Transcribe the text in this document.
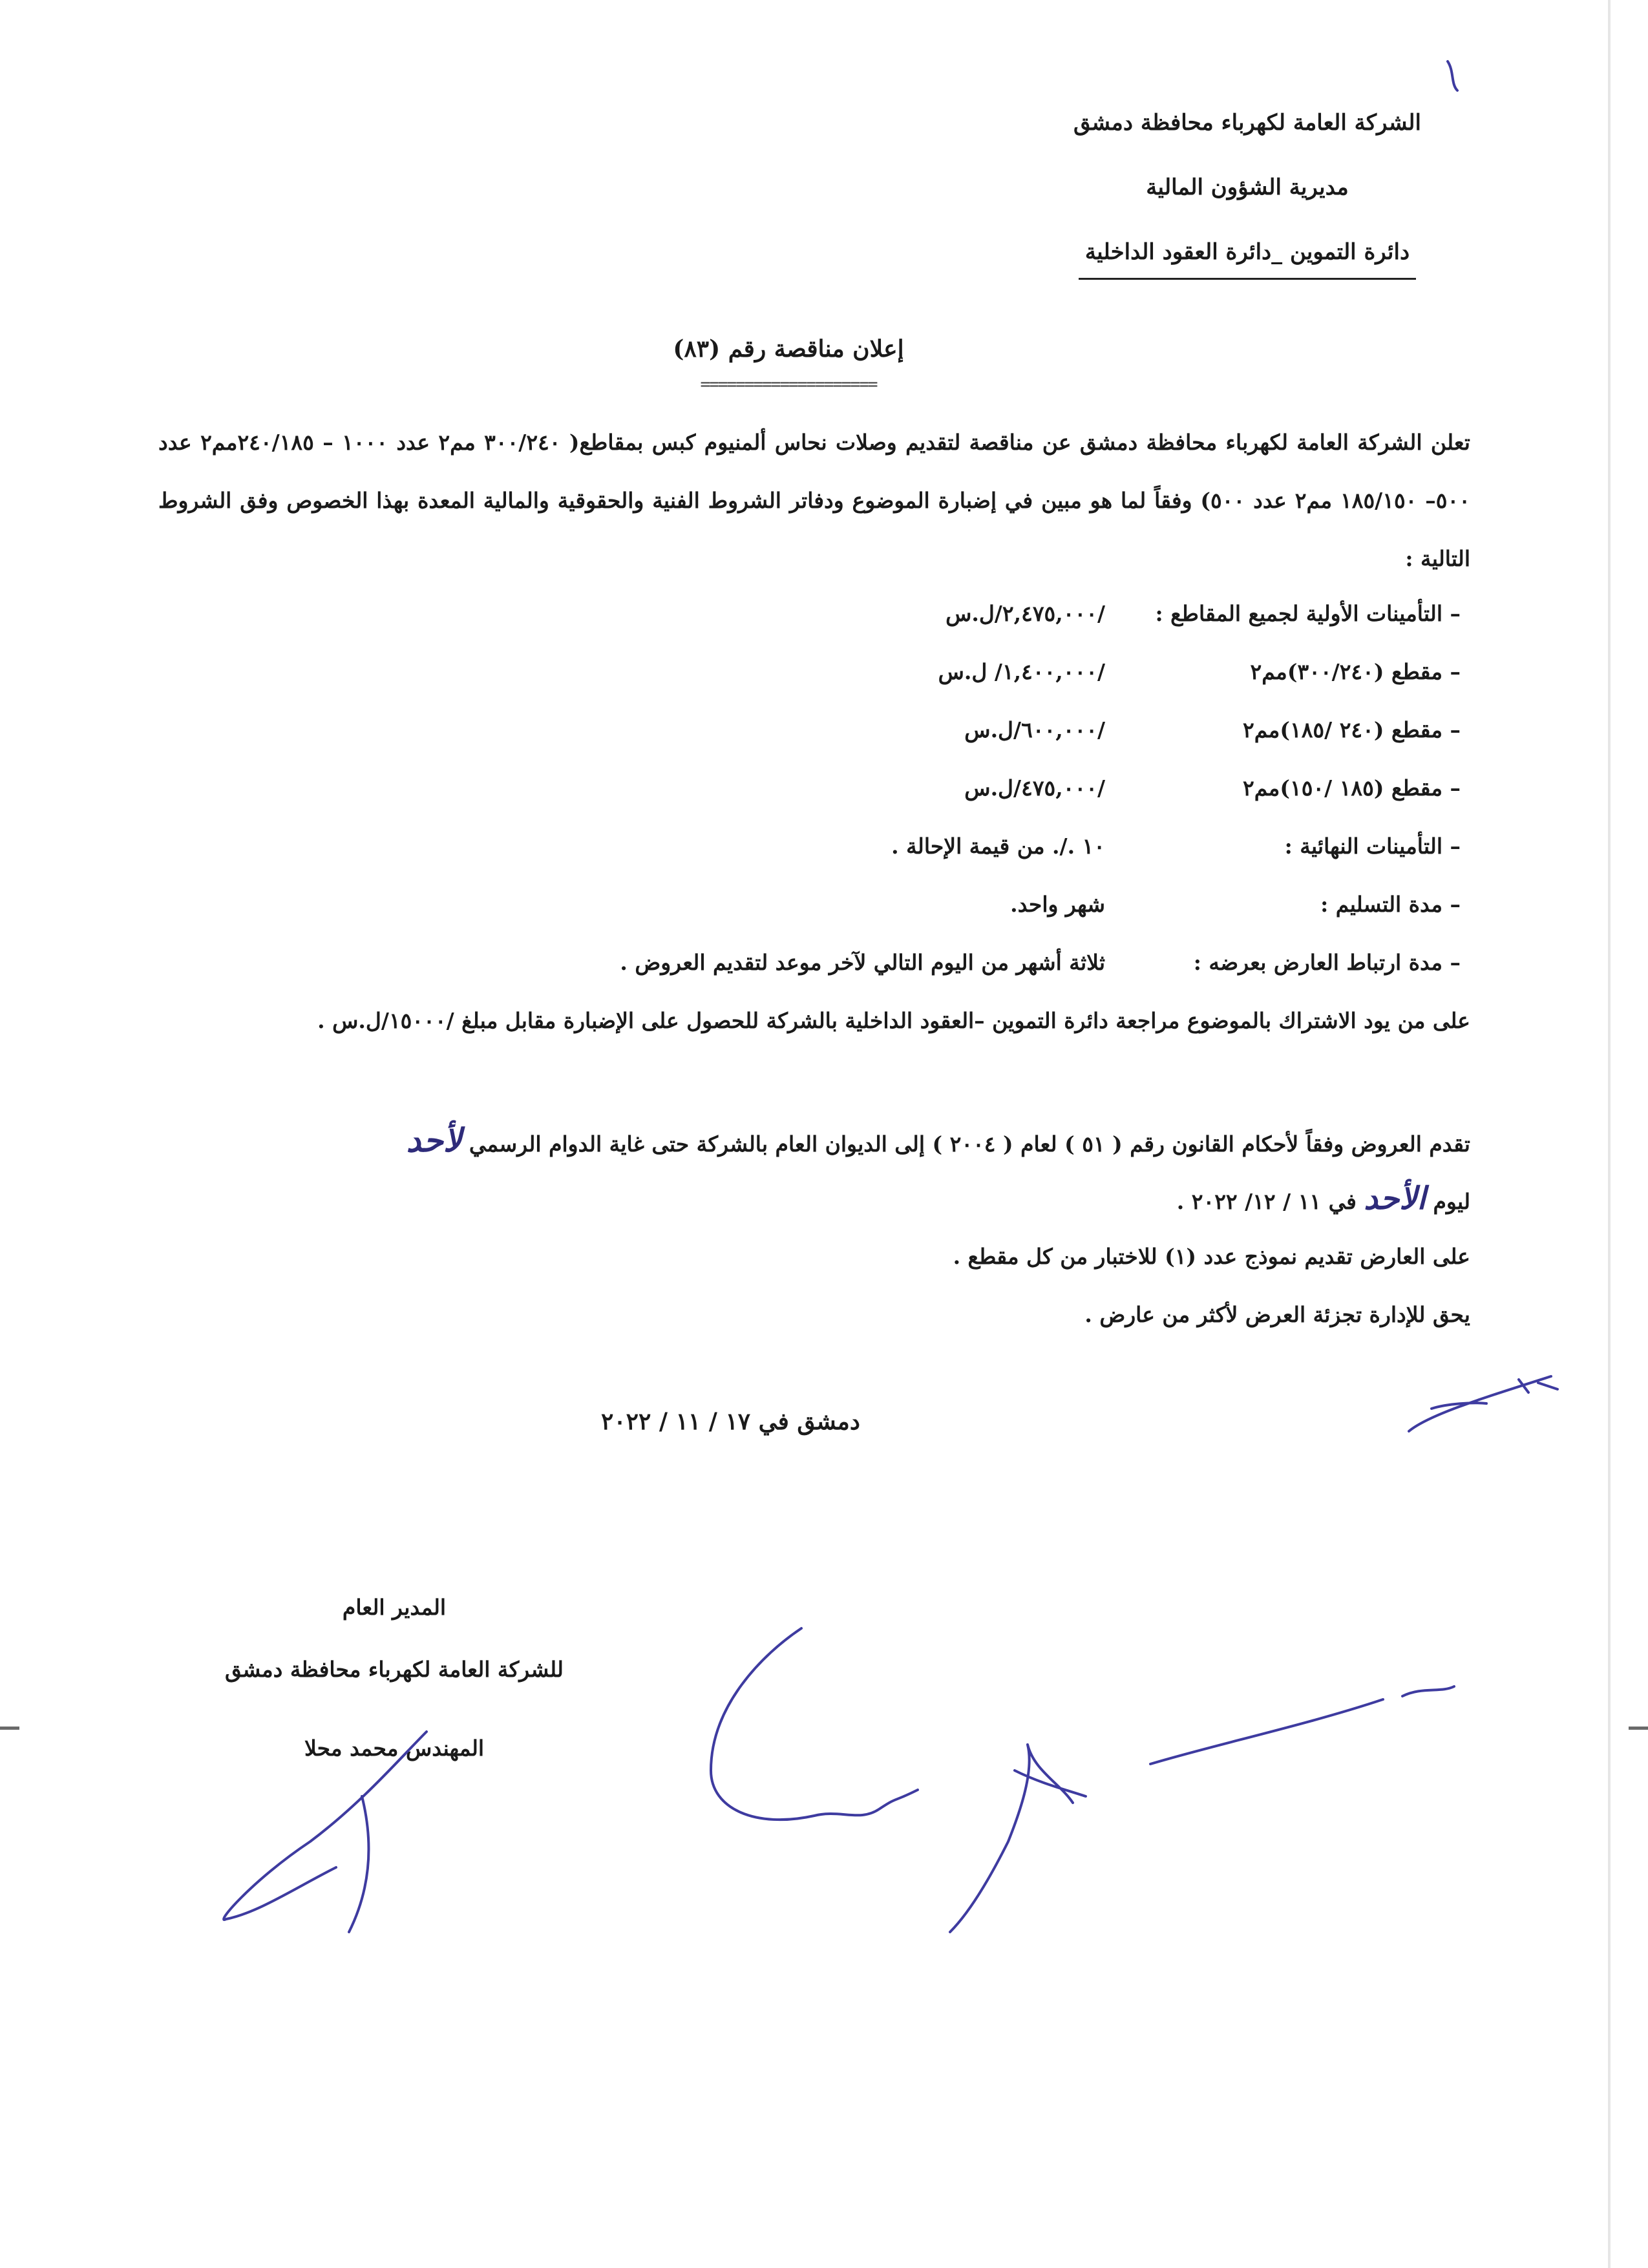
الشركة العامة لكهرباء محافظة دمشق
مديرية الشؤون المالية
دائرة التموين _دائرة العقود الداخلية
إعلان مناقصة رقم (٨٣)
====================
تعلن الشركة العامة لكهرباء محافظة دمشق عن مناقصة لتقديم وصلات نحاس ألمنيوم كبس بمقاطع( ٣٠٠/٢٤٠ مم٢ عدد ١٠٠٠ – ٢٤٠/١٨٥مم٢ عدد ٥٠٠– ١٨٥/١٥٠ مم٢ عدد ٥٠٠) وفقاً لما هو مبين في إضبارة الموضوع ودفاتر الشروط الفنية والحقوقية والمالية المعدة بهذا الخصوص وفق الشروط التالية :
– التأمينات الأولية لجميع المقاطع :
/٢,٤٧٥,٠٠٠/ل.س
– مقطع (٣٠٠/٢٤٠)مم٢
/١,٤٠٠,٠٠٠/ ل.س
– مقطع (٢٤٠ /١٨٥)مم٢
/٦٠٠,٠٠٠/ل.س
– مقطع (١٨٥ /١٥٠)مم٢
/٤٧٥,٠٠٠/ل.س
– التأمينات النهائية :
١٠ ./. من قيمة الإحالة .
– مدة التسليم :
شهر واحد.
– مدة ارتباط العارض بعرضه :
ثلاثة أشهر من اليوم التالي لآخر موعد لتقديم العروض .
على من يود الاشتراك بالموضوع مراجعة دائرة التموين –العقود الداخلية بالشركة للحصول على الإضبارة مقابل مبلغ /١٥٠٠٠/ل.س .
تقدم العروض وفقاً لأحكام القانون رقم ( ٥١ ) لعام ( ٢٠٠٤ ) إلى الديوان العام بالشركة حتى غاية الدوام الرسمي لأحد
ليوم الأحد في ١١ / ١٢/ ٢٠٢٢ .
على العارض تقديم نموذج عدد (١) للاختبار من كل مقطع .
يحق للإدارة تجزئة العرض لأكثر من عارض .
دمشق في ١٧ / ١١ / ٢٠٢٢
المدير العام
للشركة العامة لكهرباء محافظة دمشق
المهندس محمد محلا
